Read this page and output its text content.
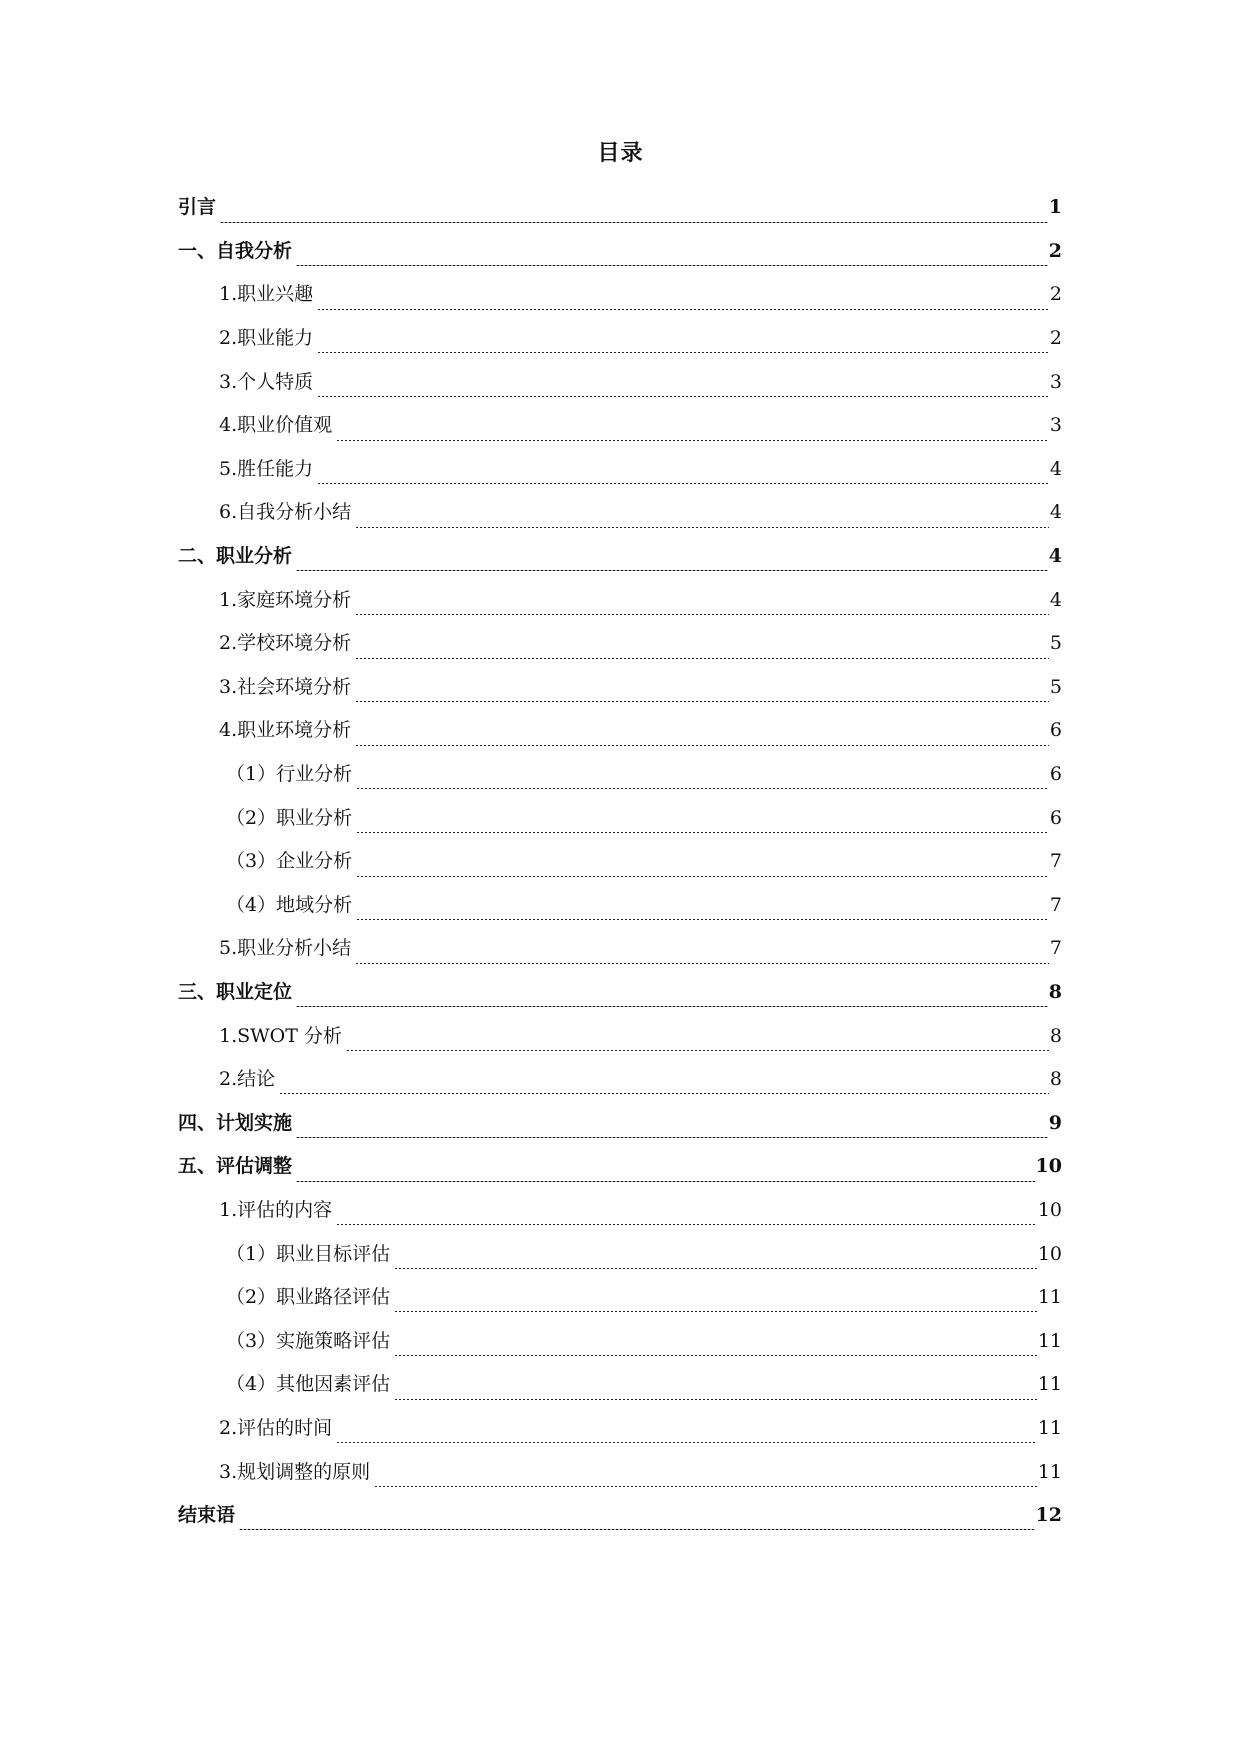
目录
引言	1
一、自我分析	2
1.职业兴趣	2
2.职业能力	2
3.个人特质	3
4.职业价值观	3
5.胜任能力	4
6.自我分析小结	4
二、职业分析	4
1.家庭环境分析	4
2.学校环境分析	5
3.社会环境分析	5
4.职业环境分析	6
（1）行业分析	6
（2）职业分析	6
（3）企业分析	7
（4）地域分析	7
5.职业分析小结	7
三、职业定位	8
1.SWOT 分析	8
2.结论	8
四、计划实施	9
五、评估调整	10
1.评估的内容	10
（1）职业目标评估	10
（2）职业路径评估	11
（3）实施策略评估	11
（4）其他因素评估	11
2.评估的时间	11
3.规划调整的原则	11
结束语	12
